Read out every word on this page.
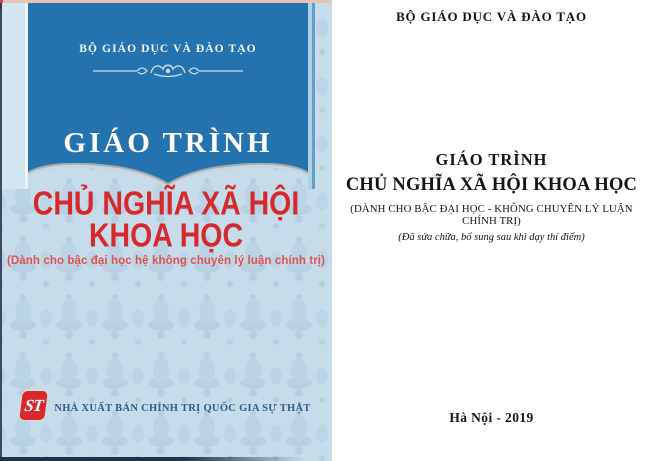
BỘ GIÁO DỤC VÀ ĐÀO TẠO
GIÁO TRÌNH
CHỦ NGHĨA XÃ HỘI
KHOA HỌC
(Dành cho bậc đại học hệ không chuyên lý luận chính trị)
ST NHÀ XUẤT BẢN CHÍNH TRỊ QUỐC GIA SỰ THẬT
BỘ GIÁO DỤC VÀ ĐÀO TẠO
GIÁO TRÌNH
CHỦ NGHĨA XÃ HỘI KHOA HỌC
(DÀNH CHO BẬC ĐẠI HỌC - KHÔNG CHUYÊN LÝ LUẬN CHÍNH TRỊ)
(Đã sửa chữa, bổ sung sau khi dạy thí điểm)
Hà Nội - 2019
